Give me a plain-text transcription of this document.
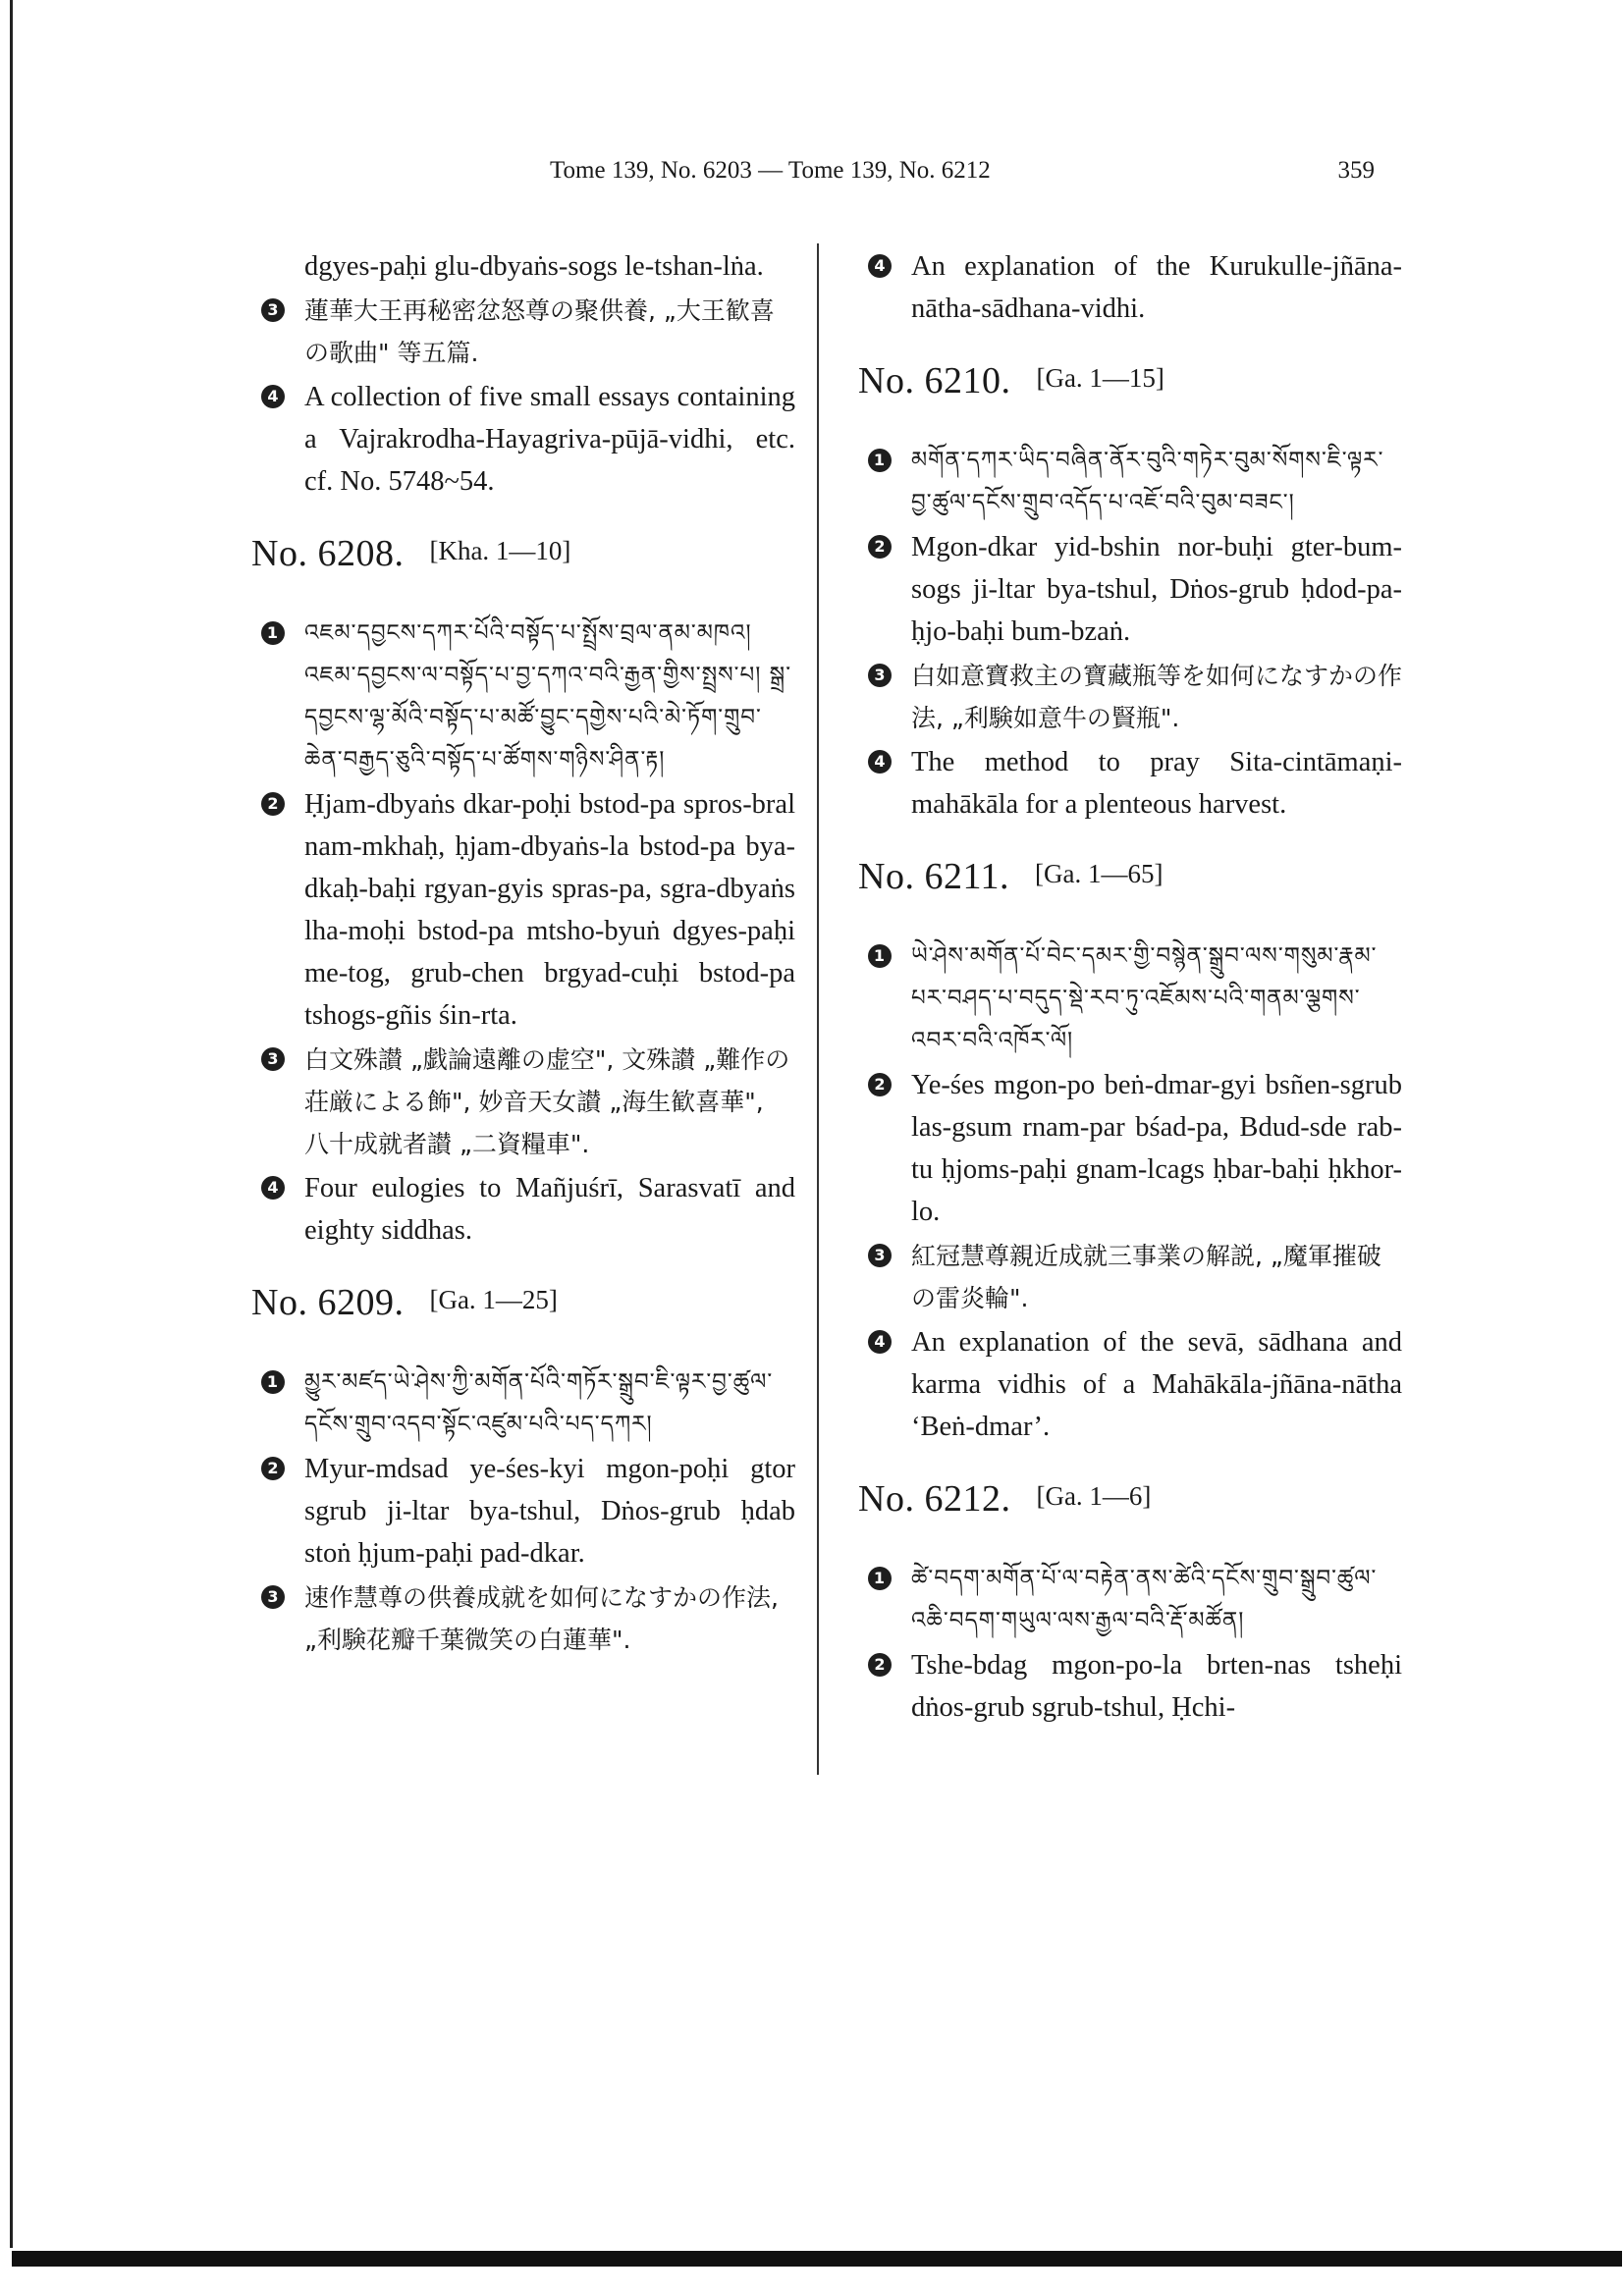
Tome 139, No. 6203 — Tome 139, No. 6212	359
dgyes-paḥi glu-dbyaṅs-sogs le-tshan-lṅa.
3 蓮華大王再秘密忿怒尊の聚供養, „大王歓喜の歌曲" 等五篇.
4 A collection of five small essays containing a Vajrakrodha-Hayagriva-pūjā-vidhi, etc. cf. No. 5748~54.
No. 6208. [Kha. 1—10]
1 འཇམ་དབྱངས་དཀར་པོའི་བསྟོད་པ་སྤྲོས་བྲལ་ནམ་མཁའ། འཇམ་དབྱངས་ལ་བསྟོད་པ་བྱ་དཀའ་བའི་རྒྱན་གྱིས་སྤྲས་པ། སྒྲ་དབྱངས་ལྷ་མོའི་བསྟོད་པ་མཚོ་བྱུང་དགྱེས་པའི་མེ་ཏོག་གྲུབ་ཆེན་བརྒྱད་ཅུའི་བསྟོད་པ་ཚོགས་གཉིས་ཤིན་རྟ།
2 Ḥjam-dbyaṅs dkar-poḥi bstod-pa spros-bral nam-mkhaḥ, ḥjam-dbyaṅs-la bstod-pa bya-dkaḥ-baḥi rgyan-gyis spras-pa, sgra-dbyaṅs lha-moḥi bstod-pa mtsho-byuṅ dgyes-paḥi me-tog, grub-chen brgyad-cuḥi bstod-pa tshogs-gñis śin-rta.
3 白文殊讃 „戯論遠離の虚空", 文殊讃 „難作の荘厳による飾", 妙音天女讃 „海生歓喜華", 八十成就者讃 „二資糧車".
4 Four eulogies to Mañjuśrī, Sarasvatī and eighty siddhas.
No. 6209. [Ga. 1—25]
1 མྱུར་མཛད་ཡེ་ཤེས་ཀྱི་མགོན་པོའི་གཏོར་སྒྲུབ་ཇི་ལྟར་བྱ་ཚུལ་དངོས་གྲུབ་འདབ་སྟོང་འཛུམ་པའི་པད་དཀར།
2 Myur-mdsad ye-śes-kyi mgon-poḥi gtor sgrub ji-ltar bya-tshul, Dṅos-grub ḥdab stoṅ ḥjum-paḥi pad-dkar.
3 速作慧尊の供養成就を如何になすかの作法, „利験花瓣千葉微笑の白蓮華".
4 An explanation of the Kurukulle-jñāna-nātha-sādhana-vidhi.
No. 6210. [Ga. 1—15]
1 མགོན་དཀར་ཡིད་བཞིན་ནོར་བུའི་གཏེར་བུམ་སོགས་ཇི་ལྟར་བྱ་ཚུལ་དངོས་གྲུབ་འདོད་པ་འཇོ་བའི་བུམ་བཟང་།
2 Mgon-dkar yid-bshin nor-buḥi gter-bum-sogs ji-ltar bya-tshul, Dṅos-grub ḥdod-pa-ḥjo-baḥi bum-bzaṅ.
3 白如意寶救主の寶藏瓶等を如何になすかの作法, „利験如意牛の賢瓶".
4 The method to pray Sita-cintāmaṇi-mahākāla for a plenteous harvest.
No. 6211. [Ga. 1—65]
1 ཡེ་ཤེས་མགོན་པོ་བེང་དམར་གྱི་བསྙེན་སྒྲུབ་ལས་གསུམ་རྣམ་པར་བཤད་པ་བདུད་སྡེ་རབ་ཏུ་འཇོམས་པའི་གནམ་ལྕགས་འབར་བའི་འཁོར་ལོ།
2 Ye-śes mgon-po beṅ-dmar-gyi bsñen-sgrub las-gsum rnam-par bśad-pa, Bdud-sde rab-tu ḥjoms-paḥi gnam-lcags ḥbar-baḥi ḥkhor-lo.
3 紅冠慧尊親近成就三事業の解説, „魔軍摧破の雷炎輪".
4 An explanation of the sevā, sādhana and karma vidhis of a Mahākāla-jñāna-nātha ‘Beṅ-dmar’.
No. 6212. [Ga. 1—6]
1 ཚེ་བདག་མགོན་པོ་ལ་བརྟེན་ནས་ཚེའི་དངོས་གྲུབ་སྒྲུབ་ཚུལ་འཆི་བདག་གཡུལ་ལས་རྒྱལ་བའི་རྡོ་མཚོན།
2 Tshe-bdag mgon-po-la brten-nas tsheḥi dṅos-grub sgrub-tshul, Ḥchi-
